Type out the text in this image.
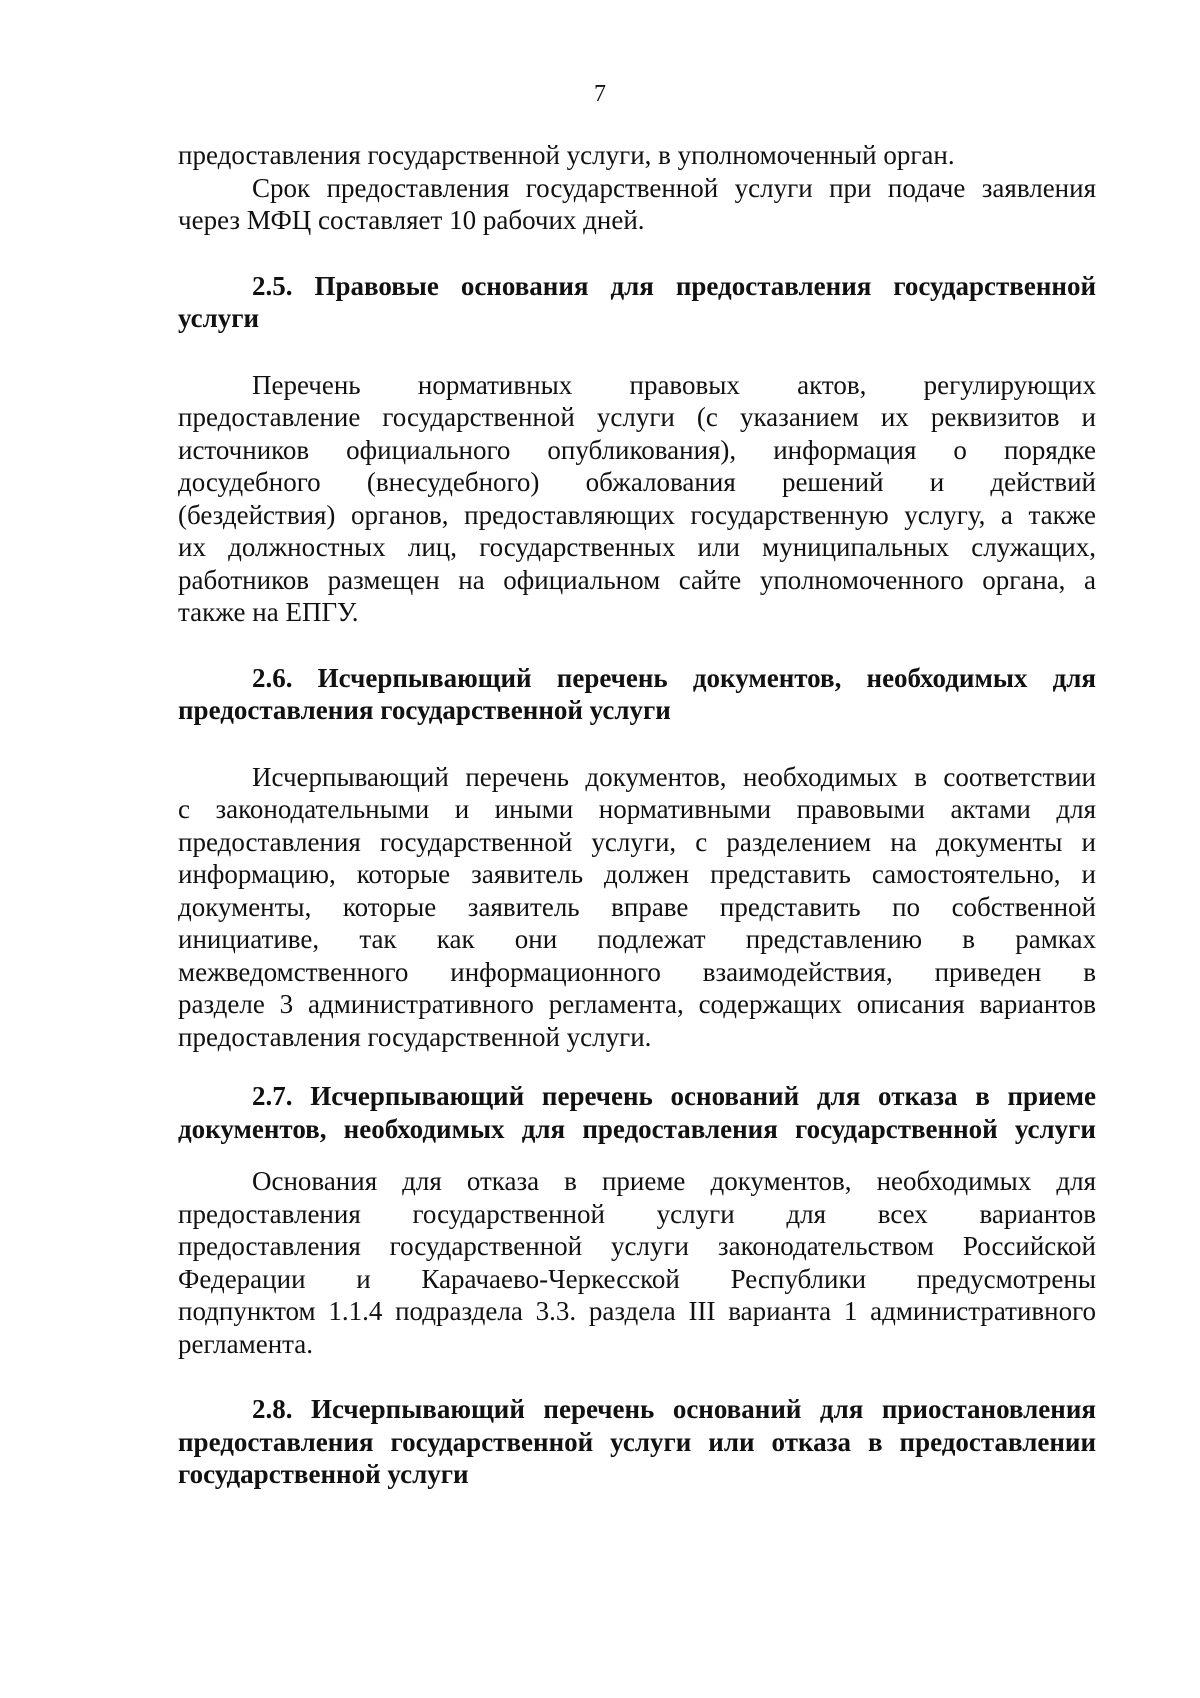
7
предоставления государственной услуги, в уполномоченный орган.
Срок предоставления государственной услуги при подаче заявления
через МФЦ составляет 10 рабочих дней.
2.5. Правовые основания для предоставления государственной
услуги
Перечень нормативных правовых актов, регулирующих
предоставление государственной услуги (с указанием их реквизитов и
источников официального опубликования), информация о порядке
досудебного (внесудебного) обжалования решений и действий
(бездействия) органов, предоставляющих государственную услугу, а также
их должностных лиц, государственных или муниципальных служащих,
работников размещен на официальном сайте уполномоченного органа, а
также на ЕПГУ.
2.6. Исчерпывающий перечень документов, необходимых для
предоставления государственной услуги
Исчерпывающий перечень документов, необходимых в соответствии
с законодательными и иными нормативными правовыми актами для
предоставления государственной услуги, с разделением на документы и
информацию, которые заявитель должен представить самостоятельно, и
документы, которые заявитель вправе представить по собственной
инициативе, так как они подлежат представлению в рамках
межведомственного информационного взаимодействия, приведен в
разделе 3 административного регламента, содержащих описания вариантов
предоставления государственной услуги.
2.7. Исчерпывающий перечень оснований для отказа в приеме
документов, необходимых для предоставления государственной услуги
Основания для отказа в приеме документов, необходимых для
предоставления государственной услуги для всех вариантов
предоставления государственной услуги законодательством Российской
Федерации и Карачаево-Черкесской Республики предусмотрены
подпунктом 1.1.4 подраздела 3.3. раздела III варианта 1 административного
регламента.
2.8. Исчерпывающий перечень оснований для приостановления
предоставления государственной услуги или отказа в предоставлении
государственной услуги
